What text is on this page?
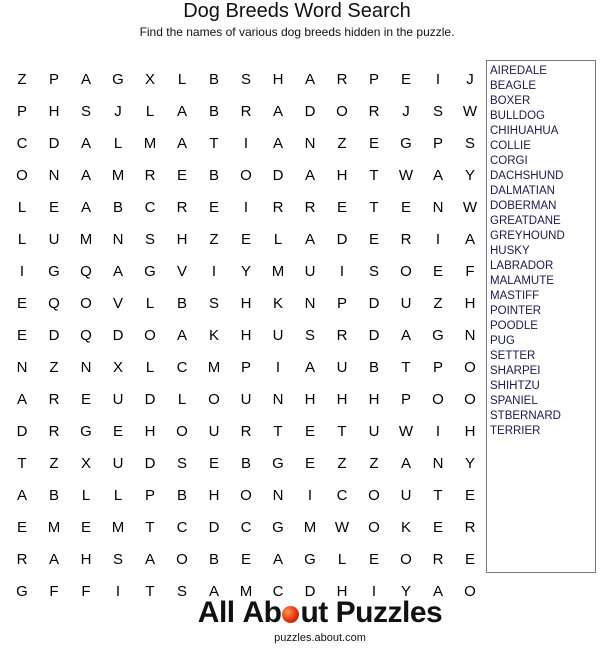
Dog Breeds Word Search
Find the names of various dog breeds hidden in the puzzle.
Z	P	A	G	X	L	B	S	H	A	R	P	E	I	J
P	H	S	J	L	A	B	R	A	D	O	R	J	S	W
C	D	A	L	M	A	T	I	A	N	Z	E	G	P	S
O	N	A	M	R	E	B	O	D	A	H	T	W	A	Y
L	E	A	B	C	R	E	I	R	R	E	T	E	N	W
L	U	M	N	S	H	Z	E	L	A	D	E	R	I	A
I	G	Q	A	G	V	I	Y	M	U	I	S	O	E	F
E	Q	O	V	L	B	S	H	K	N	P	D	U	Z	H
E	D	Q	D	O	A	K	H	U	S	R	D	A	G	N
N	Z	N	X	L	C	M	P	I	A	U	B	T	P	O
A	R	E	U	D	L	O	U	N	H	H	H	P	O	O
D	R	G	E	H	O	U	R	T	E	T	U	W	I	H
T	Z	X	U	D	S	E	B	G	E	Z	Z	A	N	Y
A	B	L	L	P	B	H	O	N	I	C	O	U	T	E
E	M	E	M	T	C	D	C	G	M	W	O	K	E	R
R	A	H	S	A	O	B	E	A	G	L	E	O	R	E
G	F	F	I	T	S	A	M	C	D	H	I	Y	A	O
AIREDALE
BEAGLE
BOXER
BULLDOG
CHIHUAHUA
COLLIE
CORGI
DACHSHUND
DALMATIAN
DOBERMAN
GREATDANE
GREYHOUND
HUSKY
LABRADOR
MALAMUTE
MASTIFF
POINTER
POODLE
PUG
SETTER
SHARPEI
SHIHTZU
SPANIEL
STBERNARD
TERRIER
All
Ab ut
Puzzles
puzzles.about.com
